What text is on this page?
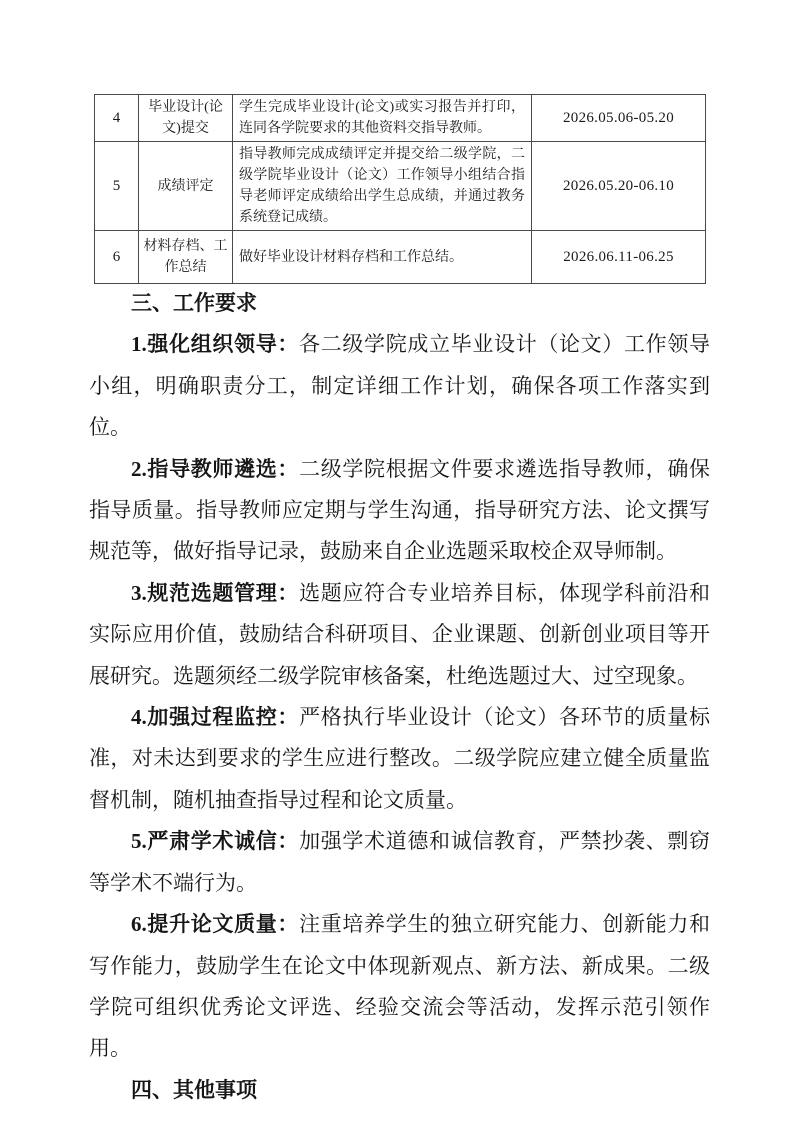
4	毕业设计(论文)提交	学生完成毕业设计(论文)或实习报告并打印，连同各学院要求的其他资料交指导教师。	2026.05.06-05.20
5	成绩评定	指导教师完成成绩评定并提交给二级学院，二级学院毕业设计（论文）工作领导小组结合指导老师评定成绩给出学生总成绩，并通过教务系统登记成绩。	2026.05.20-06.10
6	材料存档、工作总结	做好毕业设计材料存档和工作总结。	2026.06.11-06.25
三、工作要求

1.强化组织领导：各二级学院成立毕业设计（论文）工作领导小组，明确职责分工，制定详细工作计划，确保各项工作落实到位。

2.指导教师遴选：二级学院根据文件要求遴选指导教师，确保指导质量。指导教师应定期与学生沟通，指导研究方法、论文撰写规范等，做好指导记录，鼓励来自企业选题采取校企双导师制。

3.规范选题管理：选题应符合专业培养目标，体现学科前沿和实际应用价值，鼓励结合科研项目、企业课题、创新创业项目等开展研究。选题须经二级学院审核备案，杜绝选题过大、过空现象。

4.加强过程监控：严格执行毕业设计（论文）各环节的质量标准，对未达到要求的学生应进行整改。二级学院应建立健全质量监督机制，随机抽查指导过程和论文质量。

5.严肃学术诚信：加强学术道德和诚信教育，严禁抄袭、剽窃等学术不端行为。

6.提升论文质量：注重培养学生的独立研究能力、创新能力和写作能力，鼓励学生在论文中体现新观点、新方法、新成果。二级学院可组织优秀论文评选、经验交流会等活动，发挥示范引领作用。

四、其他事项
